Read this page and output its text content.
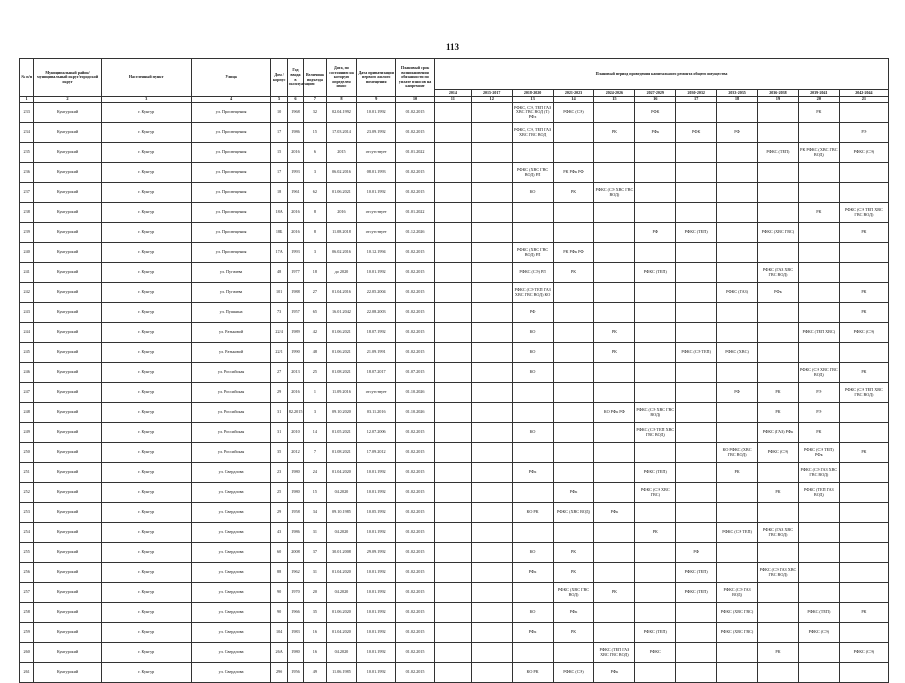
113
№ п/п	Муниципальный район/ муниципальный округ/городской округ	Населенный пункт	Улица	Дом / корпус	Год ввода в эксплуатацию	Величина подъезда	Дата, по состоянию на которую определен износ	Дата приватизации первого жилого помещения	Плановый срок возникновения обязанности по уплате взносов на капремонт	Плановый период проведения капитального ремонта общего имущества										
										2014	2015-2017	2018-2020	2021-2023	2024-2026	2027-2029	2030-2032	2033-2035	2036-2038	2039-2041	2042-2044

1	2	3	4	5	6	7	8	9	10	11	12	13	14	15	16	17	18	19	20	21
233	Кунгурский	г. Кунгур	ул. Просвещения	10	1968	32	02.04.1992	10.01.1992	01.02.2015			РФКС, СЭ, ТЕП ГАЗ ХВС ГВС ВОД (Т) РФх	РФКС (СЭ)		РФК				РК	
234	Кунгурский	г. Кунгур	ул. Просвещения	17	1986	15	17.03.2014	23.09.1992	01.02.2015			РФКС, СЭ, ТЕП ГАЗ ХВС ГВС ВОД		РК	РФк	РФК	РФ			РЭ
235	Кунгурский	г. Кунгур	ул. Просвещения	15	2016	6	2015	отсутствует	01.01.2022									РФКС (ТЕП)	РК РФКС (ХВС ГВС ВОД)	РФКС (СЭ)
236	Кунгурский	г. Кунгур	ул. Просвещения	17	1993	3	06.02.2016	08.01.1993	01.02.2015			РФКС (ХВС ГВС ВОД) РЛ	РК РФк РФ							
237	Кунгурский	г. Кунгур	ул. Просвещения	18	1961	62	01.06.2021	10.01.1992	01.02.2015			КО	РК	РФКС (СЭ ХВС ГВС ВОД)						
238	Кунгурский	г. Кунгур	ул. Просвещения	18А	2016	8	2016	отсутствует	01.01.2022										РК	РФКС (СЭ ТЕП ХВС ГВС ВОД)
239	Кунгурский	г. Кунгур	ул. Просвещения	18Б	2016	8	11.08.2018	отсутствует	01.12.2026						РФ	РФКС (ТЕП)		РФКС (ХВС ГВС)		РК
240	Кунгурский	г. Кунгур	ул. Просвещения	17А	1993	3	06.02.2016	10.12.1994	01.02.2015			РФКС (ХВС ГВС ВОД) РЛ	РК РФк РФ							
241	Кунгурский	г. Кунгур	ул. Пугачева	48	1977	18	до 2020	10.01.1992	01.02.2015			РФКС (СЭ) РЛ	РК		РФКС (ТЕП)			РФКС (ГАЗ ХВС ГВС ВОД)		
242	Кунгурский	г. Кунгур	ул. Пугачева	101	1988	27	01.04.2016	22.05.2004	01.02.2015			РФКС (СЭ ТЕП ГАЗ ХВС ГВС ВОД) КО					РФКС (ГАЗ)	РФк		РК
243	Кунгурский	г. Кунгур	ул. Пушкина	73	1957	65	16.01.2042	22.08.2003	01.02.2015			РФ								РК
244	Кунгурский	г. Кунгур	ул. Ратьковой	22/4	1989	42	01.06.2021	18.07.1992	01.02.2015			КО		РК					РФКС (ТЕП ХВС)	РФКС (СЭ)
245	Кунгурский	г. Кунгур	ул. Ратьковой	22/1	1990	48	01.06.2021	21.09.1991	01.02.2015			КО		РК		РФКС (СЭ ТЕП)	РФКС (ХВС)			
246	Кунгурский	г. Кунгур	ул. Российская	27	2013	25	01.08.2021	18.07.2017	01.07.2015			КО							РФКС (СЭ ХВС ГВС ВОД)	РК
247	Кунгурский	г. Кунгур	ул. Российская	29	2016	1	11.09.2016	отсутствует	01.10.2026								РФ	РК	РЭ	РФКС (СЭ ТЕП ХВС ГВС ВОД)
248	Кунгурский	г. Кунгур	ул. Российская	31	82.2015	3	09.10.2020	03.11.2016	01.10.2026					КО РФк РФ	РФКС (СЭ ХВС ГВС ВОД)			РК	РЭ	
249	Кунгурский	г. Кунгур	ул. Российская	31	2010	14	01.05.2021	12.07.2006	01.02.2015			КО			РФКС (СЭ ТЕП ХВС ГВС ВОД)			РФКС (ГАЗ) РФк	РК	
250	Кунгурский	г. Кунгур	ул. Российская	35	2012	7	01.08.2021	17.09.2012	01.02.2015								КО РФКС (ХВС ГВС ВОД)	РФКС (СЭ)	РФКС (СЭ ТЕП) РФк	РК
251	Кунгурский	г. Кунгур	ул. Свердлова	23	1980	24	01.04.2020	10.01.1992	01.02.2015			РФк			РФКС (ТЕП)		РК		РФКС (СЭ ГАЗ ХВС ГВС ВОД)	
252	Кунгурский	г. Кунгур	ул. Свердлова	25	1980	15	04.2020	10.01.1992	01.02.2015				РФк		РФКС (СЭ ХВС ГВС)			РК	РФКС (ТЕП ГАЗ ВОД)	
253	Кунгурский	г. Кунгур	ул. Свердлова	29	1958	34	09.10.1985	10.05.1992	01.02.2015			КО РК	РФКС (ХВС ВОД)	РФк						
254	Кунгурский	г. Кунгур	ул. Свердлова	43	1986	31	04.2020	10.01.1992	01.02.2015						РК		РФКС (СЭ ТЕП)	РФКС (ГАЗ ХВС ГВС ВОД)		
255	Кунгурский	г. Кунгур	ул. Свердлова	60	2008	37	30.01.2008	29.09.1992	01.02.2015			КО	РК			РФ				
256	Кунгурский	г. Кунгур	ул. Свердлова	88	1962	31	01.04.2020	10.01.1992	01.02.2015			РФк	РК			РФКС (ТЕП)		РФКС (СЭ ГАЗ ХВС ГВС ВОД)		
257	Кунгурский	г. Кунгур	ул. Свердлова	90	1970	20	04.2020	10.01.1992	01.02.2015				РФКС (ХВС ГВС ВОД)	РК		РФКС (ТЕП)	РФКС (СЭ ГАЗ ВОД)			
258	Кунгурский	г. Кунгур	ул. Свердлова	90	1966	35	01.06.2020	10.01.1992	01.02.2015			КО	РФк				РФКС (ХВС ГВС)		РФКС (ТЕП)	РК
259	Кунгурский	г. Кунгур	ул. Свердлова	104	1983	16	01.04.2020	10.01.1992	01.02.2015			РФк	РК		РФКС (ТЕП)		РФКС (ХВС ГВС)		РФКС (СЭ)	
260	Кунгурский	г. Кунгур	ул. Свердлова	26А	1980	16	04.2020	10.01.1992	01.02.2015					РФКС (ТЕП ГАЗ ХВС ГВС ВОД)	РФКС			РК		РФКС (СЭ)
261	Кунгурский	г. Кунгур	ул. Свердлова	29б	1956	49	11.06.1985	10.01.1992	01.02.2015			КО РК	РФКС (СЭ)	РФк						
